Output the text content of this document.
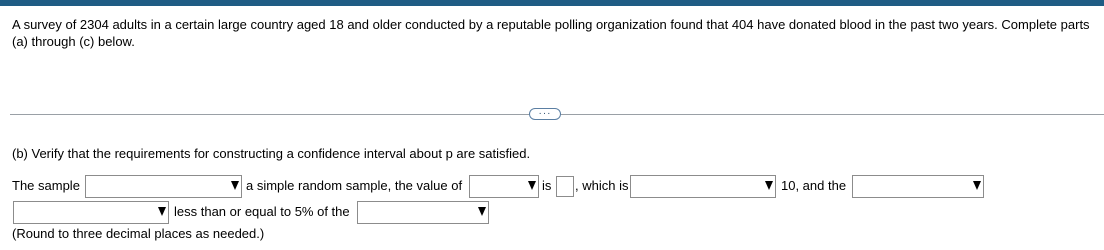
A survey of 2304 adults in a certain large country aged 18 and older conducted by a reputable polling organization found that 404 have donated blood in the past two years. Complete parts (a) through (c) below.
···
(b) Verify that the requirements for constructing a confidence interval about p are satisfied.
The sample	a simple random sample, the value of	is , which is	10, and the
less than or equal to 5% of the
(Round to three decimal places as needed.)
